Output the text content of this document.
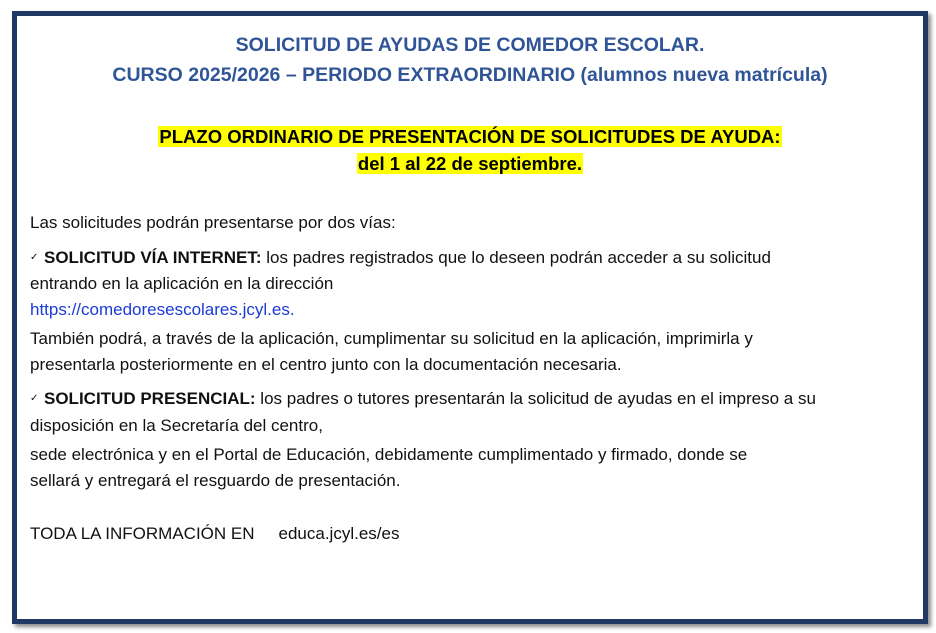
SOLICITUD DE AYUDAS DE COMEDOR ESCOLAR.
CURSO 2025/2026 – PERIODO EXTRAORDINARIO (alumnos nueva matrícula)
PLAZO ORDINARIO DE PRESENTACIÓN DE SOLICITUDES DE AYUDA:
del 1 al 22 de septiembre.
Las solicitudes podrán presentarse por dos vías:
✓ SOLICITUD VÍA INTERNET: los padres registrados que lo deseen podrán acceder a su solicitud
entrando en la aplicación en la dirección
https://comedoresescolares.jcyl.es.
También podrá, a través de la aplicación, cumplimentar su solicitud en la aplicación, imprimirla y
presentarla posteriormente en el centro junto con la documentación necesaria.
✓ SOLICITUD PRESENCIAL: los padres o tutores presentarán la solicitud de ayudas en el impreso a su
disposición en la Secretaría del centro,
sede electrónica y en el Portal de Educación, debidamente cumplimentado y firmado, donde se
sellará y entregará el resguardo de presentación.
TODA LA INFORMACIÓN EN educa.jcyl.es/es
